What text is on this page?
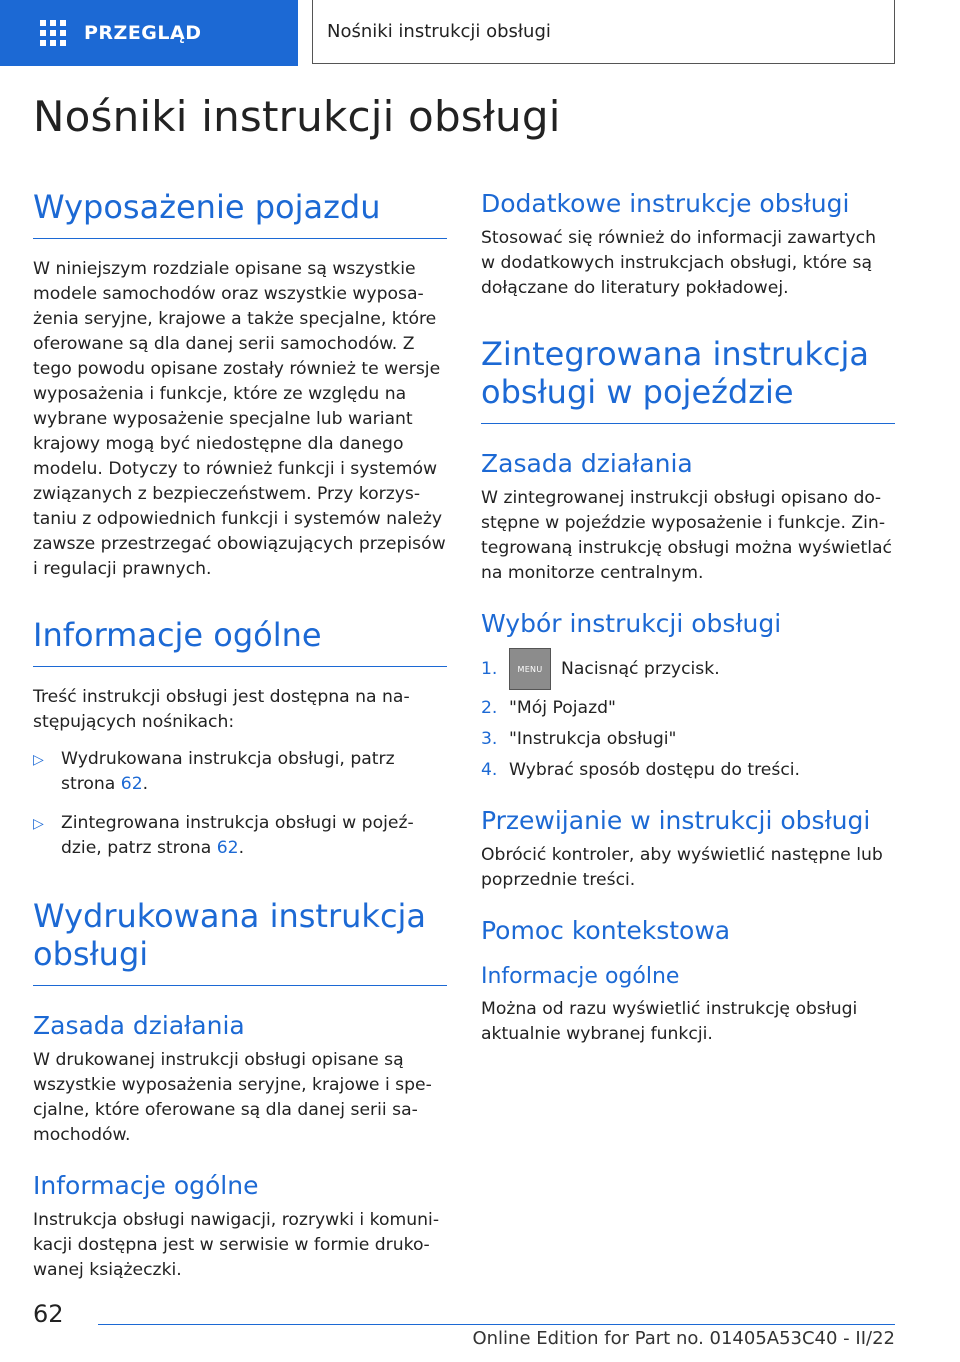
PRZEGLĄD	Nośniki instrukcji obsługi
Nośniki instrukcji obsługi
Wyposażenie pojazdu

W niniejszym rozdziale opisane są wszystkie modele samochodów oraz wszystkie wyposażenia seryjne, krajowe a także specjalne, które oferowane są dla danej serii samochodów. Z tego powodu opisane zostały również te wersje wyposażenia i funkcje, które ze względu na wybrane wyposażenie specjalne lub wariant krajowy mogą być niedostępne dla danego modelu. Dotyczy to również funkcji i systemów związanych z bezpieczeństwem. Przy korzystaniu z odpowiednich funkcji i systemów należy zawsze przestrzegać obowiązujących przepisów i regulacji prawnych.

Informacje ogólne

Treść instrukcji obsługi jest dostępna na następujących nośnikach:

▷ Wydrukowana instrukcja obsługi, patrz strona 62.
▷ Zintegrowana instrukcja obsługi w pojeździe, patrz strona 62.
Wydrukowana instrukcja
obsługi
Zasada działania

W drukowanej instrukcji obsługi opisane są wszystkie wyposażenia seryjne, krajowe i specjalne, które oferowane są dla danej serii samochodów.

Informacje ogólne

Instrukcja obsługi nawigacji, rozrywki i komunikacji dostępna jest w serwisie w formie drukowanej książeczki.

Dodatkowe instrukcje obsługi

Stosować się również do informacji zawartych w dodatkowych instrukcjach obsługi, które są dołączane do literatury pokładowej.

Zintegrowana instrukcja
obsługi w pojeździe
Zasada działania

W zintegrowanej instrukcji obsługi opisano dostępne w pojeździe wyposażenie i funkcje. Zintegrowaną instrukcję obsługi można wyświetlać na monitorze centralnym.

Wybór instrukcji obsługi
1.	MENU	Nacisnąć przycisk.
2. "Mój Pojazd"
3. "Instrukcja obsługi"
4. Wybrać sposób dostępu do treści.
Przewijanie w instrukcji obsługi

Obrócić kontroler, aby wyświetlić następne lub poprzednie treści.

Pomoc kontekstowa
Informacje ogólne

Można od razu wyświetlić instrukcję obsługi aktualnie wybranej funkcji.

62
Online Edition for Part no. 01405A53C40 - II/22
